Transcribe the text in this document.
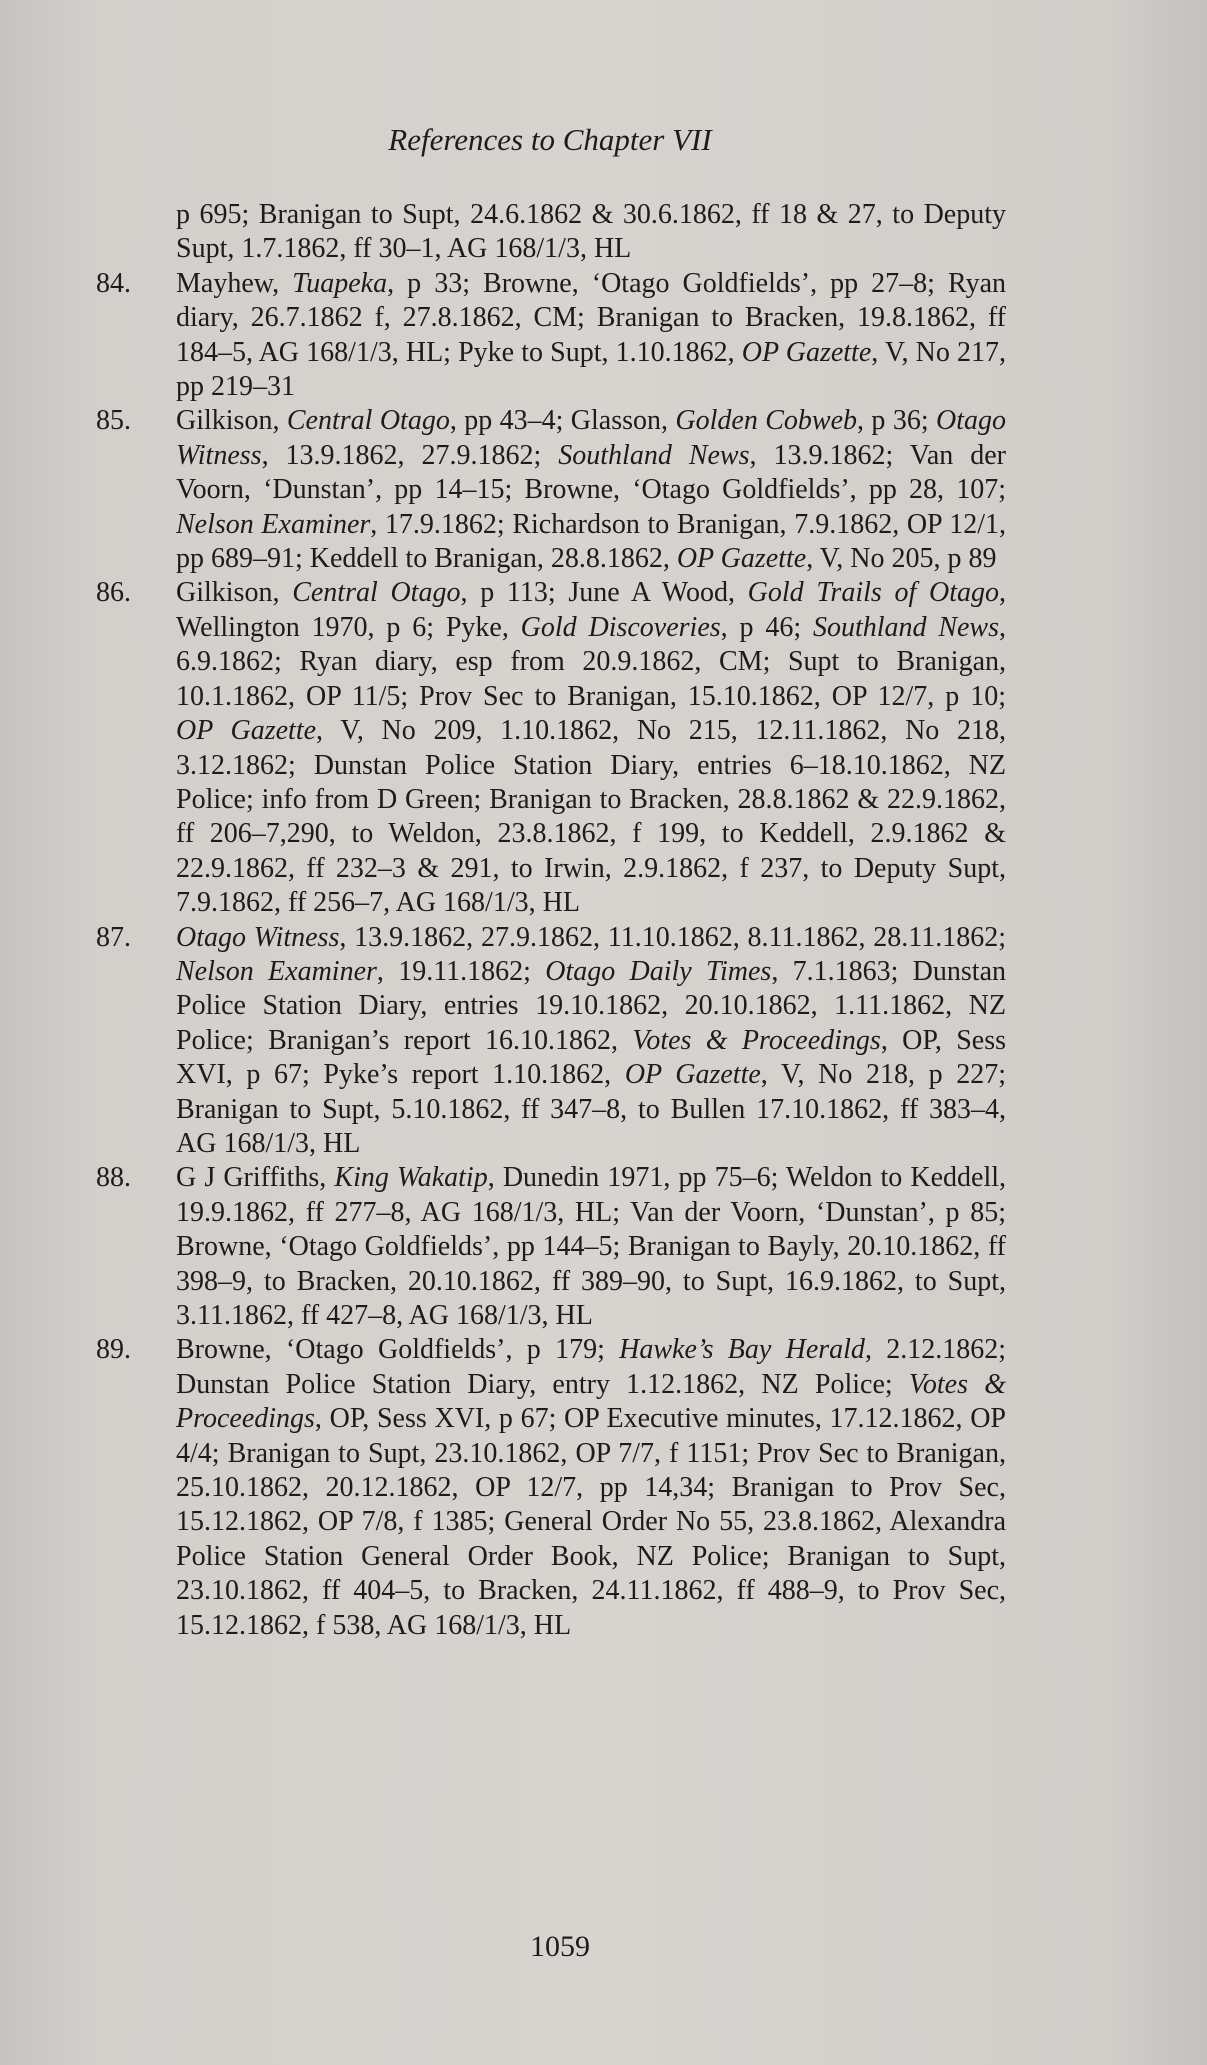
References to Chapter VII
p 695; Branigan to Supt, 24.6.1862 & 30.6.1862, ff 18 & 27, to Deputy Supt, 1.7.1862, ff 30–1, AG 168/1/3, HL
84.	Mayhew, Tuapeka, p 33; Browne, ‘Otago Goldfields’, pp 27–8; Ryan diary, 26.7.1862 f, 27.8.1862, CM; Branigan to Bracken, 19.8.1862, ff 184–5, AG 168/1/3, HL; Pyke to Supt, 1.10.1862, OP Gazette, V, No 217, pp 219–31
85.	Gilkison, Central Otago, pp 43–4; Glasson, Golden Cobweb, p 36; Otago Witness, 13.9.1862, 27.9.1862; Southland News, 13.9.1862; Van der Voorn, ‘Dunstan’, pp 14–15; Browne, ‘Otago Goldfields’, pp 28, 107; Nelson Examiner, 17.9.1862; Richardson to Branigan, 7.9.1862, OP 12/1, pp 689–91; Keddell to Branigan, 28.8.1862, OP Gazette, V, No 205, p 89
86.	Gilkison, Central Otago, p 113; June A Wood, Gold Trails of Otago, Wellington 1970, p 6; Pyke, Gold Discoveries, p 46; Southland News, 6.9.1862; Ryan diary, esp from 20.9.1862, CM; Supt to Branigan, 10.1.1862, OP 11/5; Prov Sec to Branigan, 15.10.1862, OP 12/7, p 10; OP Gazette, V, No 209, 1.10.1862, No 215, 12.11.1862, No 218, 3.12.1862; Dunstan Police Station Diary, entries 6–18.10.1862, NZ Police; info from D Green; Branigan to Bracken, 28.8.1862 & 22.9.1862, ff 206–7,290, to Weldon, 23.8.1862, f 199, to Keddell, 2.9.1862 & 22.9.1862, ff 232–3 & 291, to Irwin, 2.9.1862, f 237, to Deputy Supt, 7.9.1862, ff 256–7, AG 168/1/3, HL
87.	Otago Witness, 13.9.1862, 27.9.1862, 11.10.1862, 8.11.1862, 28.11.1862; Nelson Examiner, 19.11.1862; Otago Daily Times, 7.1.1863; Dunstan Police Station Diary, entries 19.10.1862, 20.10.1862, 1.11.1862, NZ Police; Branigan’s report 16.10.1862, Votes & Proceedings, OP, Sess XVI, p 67; Pyke’s report 1.10.1862, OP Gazette, V, No 218, p 227; Branigan to Supt, 5.10.1862, ff 347–8, to Bullen 17.10.1862, ff 383–4, AG 168/1/3, HL
88.	G J Griffiths, King Wakatip, Dunedin 1971, pp 75–6; Weldon to Keddell, 19.9.1862, ff 277–8, AG 168/1/3, HL; Van der Voorn, ‘Dunstan’, p 85; Browne, ‘Otago Goldfields’, pp 144–5; Branigan to Bayly, 20.10.1862, ff 398–9, to Bracken, 20.10.1862, ff 389–90, to Supt, 16.9.1862, to Supt, 3.11.1862, ff 427–8, AG 168/1/3, HL
89.	Browne, ‘Otago Goldfields’, p 179; Hawke’s Bay Herald, 2.12.1862; Dunstan Police Station Diary, entry 1.12.1862, NZ Police; Votes & Proceedings, OP, Sess XVI, p 67; OP Executive minutes, 17.12.1862, OP 4/4; Branigan to Supt, 23.10.1862, OP 7/7, f 1151; Prov Sec to Branigan, 25.10.1862, 20.12.1862, OP 12/7, pp 14,34; Branigan to Prov Sec, 15.12.1862, OP 7/8, f 1385; General Order No 55, 23.8.1862, Alexandra Police Station General Order Book, NZ Police; Branigan to Supt, 23.10.1862, ff 404–5, to Bracken, 24.11.1862, ff 488–9, to Prov Sec, 15.12.1862, f 538, AG 168/1/3, HL
1059
